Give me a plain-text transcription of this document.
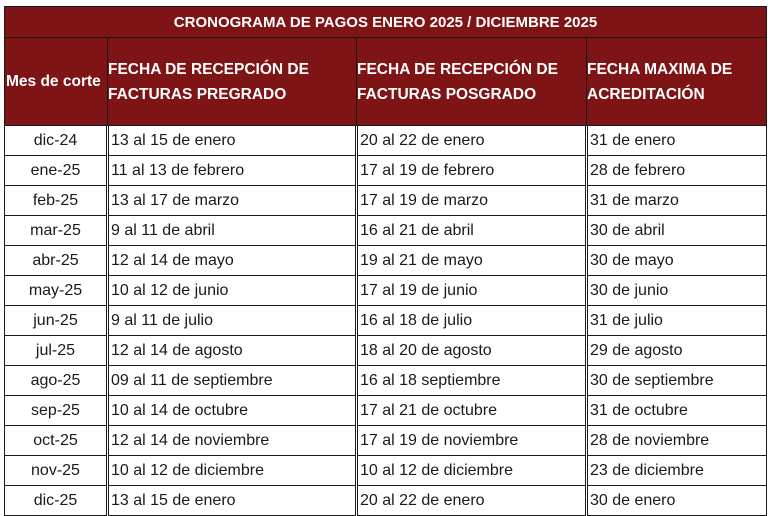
CRONOGRAMA DE PAGOS ENERO 2025 / DICIEMBRE 2025			
Mes de corte	FECHA DE RECEPCIÓN DE FACTURAS PREGRADO	FECHA DE RECEPCIÓN DE FACTURAS POSGRADO	FECHA MAXIMA DE ACREDITACIÓN
dic-24	13 al 15 de enero	20 al 22 de enero	31 de enero
ene-25	11 al 13 de febrero	17 al 19 de febrero	28 de febrero
feb-25	13 al 17 de marzo	17 al 19 de marzo	31 de marzo
mar-25	9 al 11 de abril	16 al 21 de abril	30 de abril
abr-25	12 al 14 de mayo	19 al 21 de mayo	30 de mayo
may-25	10 al 12 de junio	17 al 19 de junio	30 de junio
jun-25	9 al 11 de julio	16 al 18 de julio	31 de julio
jul-25	12 al 14 de agosto	18 al 20 de agosto	29 de agosto
ago-25	09 al 11 de septiembre	16 al 18 septiembre	30 de septiembre
sep-25	10 al 14 de octubre	17 al 21 de octubre	31 de octubre
oct-25	12 al 14 de noviembre	17 al 19 de noviembre	28 de noviembre
nov-25	10 al 12 de diciembre	10 al 12 de diciembre	23 de diciembre
dic-25	13 al 15 de enero	20 al 22 de enero	30 de enero
